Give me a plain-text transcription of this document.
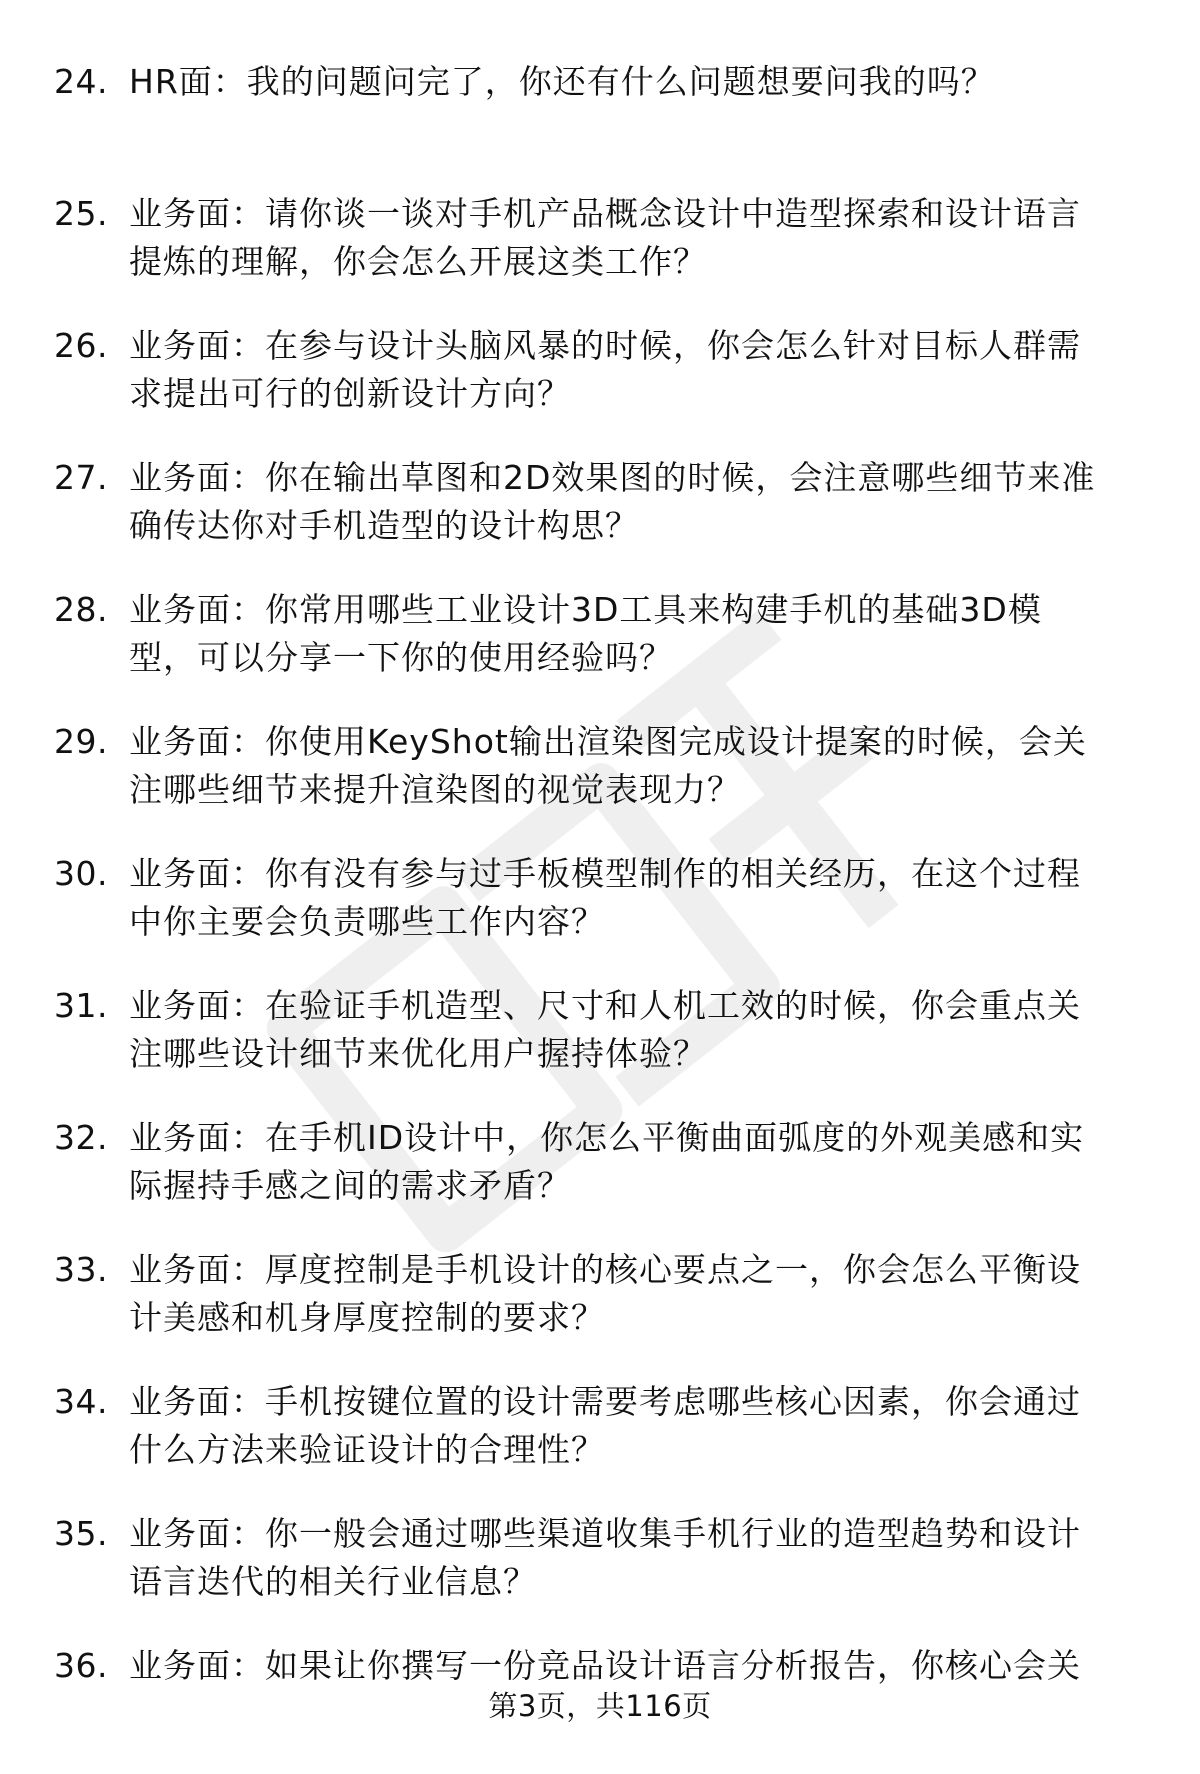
24. HR面：我的问题问完了，你还有什么问题想要问我的吗？
25. 业务面：请你谈一谈对手机产品概念设计中造型探索和设计语言
提炼的理解，你会怎么开展这类工作？
26. 业务面：在参与设计头脑风暴的时候，你会怎么针对目标人群需
求提出可行的创新设计方向？
27. 业务面：你在输出草图和2D效果图的时候，会注意哪些细节来准
确传达你对手机造型的设计构思？
28. 业务面：你常用哪些工业设计3D工具来构建手机的基础3D模
型，可以分享一下你的使用经验吗？
29. 业务面：你使用KeyShot输出渲染图完成设计提案的时候，会关
注哪些细节来提升渲染图的视觉表现力？
30. 业务面：你有没有参与过手板模型制作的相关经历，在这个过程
中你主要会负责哪些工作内容？
31. 业务面：在验证手机造型、尺寸和人机工效的时候，你会重点关
注哪些设计细节来优化用户握持体验？
32. 业务面：在手机ID设计中，你怎么平衡曲面弧度的外观美感和实
际握持手感之间的需求矛盾？
33. 业务面：厚度控制是手机设计的核心要点之一，你会怎么平衡设
计美感和机身厚度控制的要求？
34. 业务面：手机按键位置的设计需要考虑哪些核心因素，你会通过
什么方法来验证设计的合理性？
35. 业务面：你一般会通过哪些渠道收集手机行业的造型趋势和设计
语言迭代的相关行业信息？
36. 业务面：如果让你撰写一份竞品设计语言分析报告，你核心会关
第3页，共116页
